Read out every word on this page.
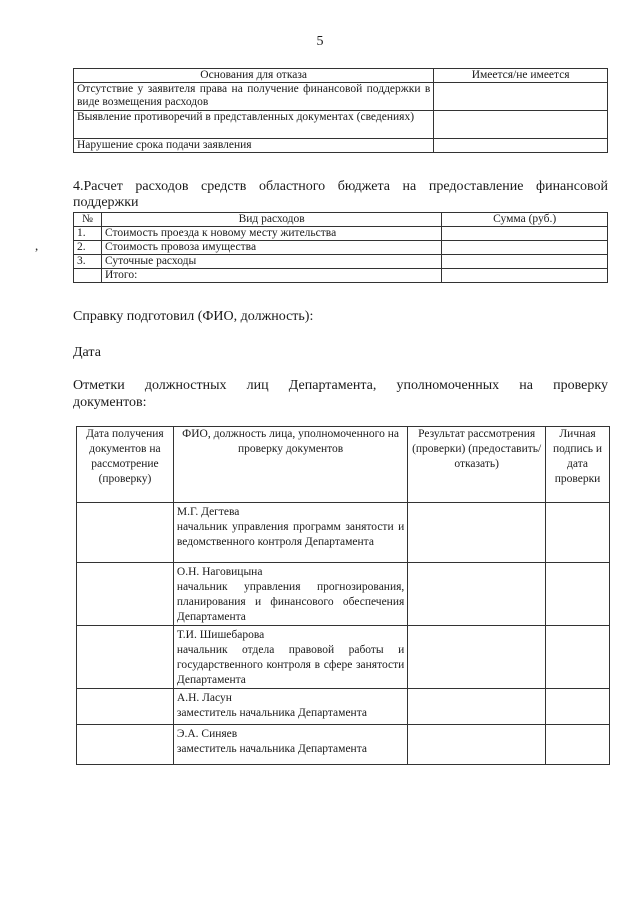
5
,
Основания для отказа	Имеется/не имеется
Отсутствие у заявителя права на получение финансовой поддержки в виде возмещения расходов	
Выявление противоречий в представленных документах (сведениях)	
Нарушение срока подачи заявления	
4.Расчет расходов средств областного бюджета на предоставление финансовой поддержки
№	Вид расходов	Сумма (руб.)
1.	Стоимость проезда к новому месту жительства	
2.	Стоимость провоза имущества	
3.	Суточные расходы	
	Итого:	
Справку подготовил (ФИО, должность):
Дата
Отметки должностных лиц Департамента, уполномоченных на проверку
документов:
Дата получения документов на рассмотрение (проверку)	ФИО, должность лица, уполномоченного на проверку документов	Результат рассмотрения (проверки) (предоставить/отказать)	Личная подпись и дата проверки

	М.Г. Дегтева
начальник управления программ занятости и ведомственного контроля Департамента		

	О.Н. Наговицына
начальник управления прогнозирования, планирования и финансового обеспечения Департамента		

	Т.И. Шишебарова
начальник отдела правовой работы и государственного контроля в сфере занятости Департамента		

	А.Н. Ласун
заместитель начальника Департамента		

	Э.А. Синяев
заместитель начальника Департамента		
